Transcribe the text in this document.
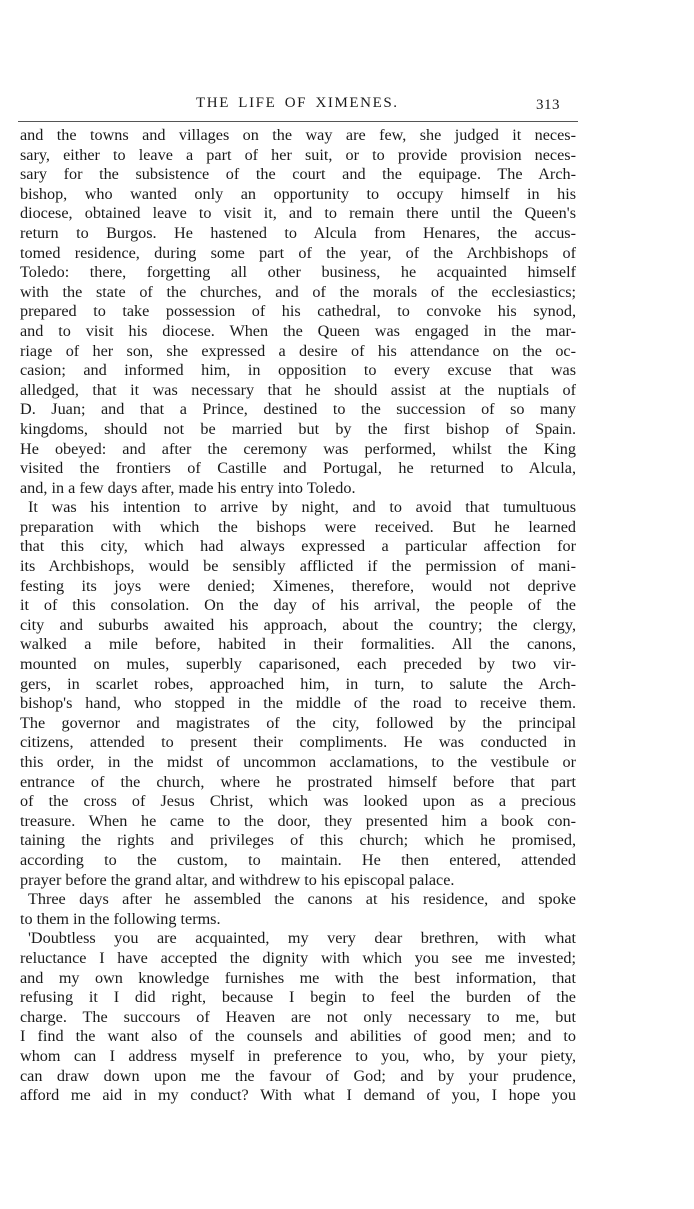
THE LIFE OF XIMENES.	313
and the towns and villages on the way are few, she judged it neces-
sary, either to leave a part of her suit, or to provide provision neces-
sary for the subsistence of the court and the equipage. The Arch-
bishop, who wanted only an opportunity to occupy himself in his
diocese, obtained leave to visit it, and to remain there until the Queen's
return to Burgos. He hastened to Alcula from Henares, the accus-
tomed residence, during some part of the year, of the Archbishops of
Toledo: there, forgetting all other business, he acquainted himself
with the state of the churches, and of the morals of the ecclesiastics;
prepared to take possession of his cathedral, to convoke his synod,
and to visit his diocese. When the Queen was engaged in the mar-
riage of her son, she expressed a desire of his attendance on the oc-
casion; and informed him, in opposition to every excuse that was
alledged, that it was necessary that he should assist at the nuptials of
D. Juan; and that a Prince, destined to the succession of so many
kingdoms, should not be married but by the first bishop of Spain.
He obeyed: and after the ceremony was performed, whilst the King
visited the frontiers of Castille and Portugal, he returned to Alcula,
and, in a few days after, made his entry into Toledo.
It was his intention to arrive by night, and to avoid that tumultuous
preparation with which the bishops were received. But he learned
that this city, which had always expressed a particular affection for
its Archbishops, would be sensibly afflicted if the permission of mani-
festing its joys were denied; Ximenes, therefore, would not deprive
it of this consolation. On the day of his arrival, the people of the
city and suburbs awaited his approach, about the country; the clergy,
walked a mile before, habited in their formalities. All the canons,
mounted on mules, superbly caparisoned, each preceded by two vir-
gers, in scarlet robes, approached him, in turn, to salute the Arch-
bishop's hand, who stopped in the middle of the road to receive them.
The governor and magistrates of the city, followed by the principal
citizens, attended to present their compliments. He was conducted in
this order, in the midst of uncommon acclamations, to the vestibule or
entrance of the church, where he prostrated himself before that part
of the cross of Jesus Christ, which was looked upon as a precious
treasure. When he came to the door, they presented him a book con-
taining the rights and privileges of this church; which he promised,
according to the custom, to maintain. He then entered, attended
prayer before the grand altar, and withdrew to his episcopal palace.
Three days after he assembled the canons at his residence, and spoke
to them in the following terms.
'Doubtless you are acquainted, my very dear brethren, with what
reluctance I have accepted the dignity with which you see me invested;
and my own knowledge furnishes me with the best information, that
refusing it I did right, because I begin to feel the burden of the
charge. The succours of Heaven are not only necessary to me, but
I find the want also of the counsels and abilities of good men; and to
whom can I address myself in preference to you, who, by your piety,
can draw down upon me the favour of God; and by your prudence,
afford me aid in my conduct? With what I demand of you, I hope you
